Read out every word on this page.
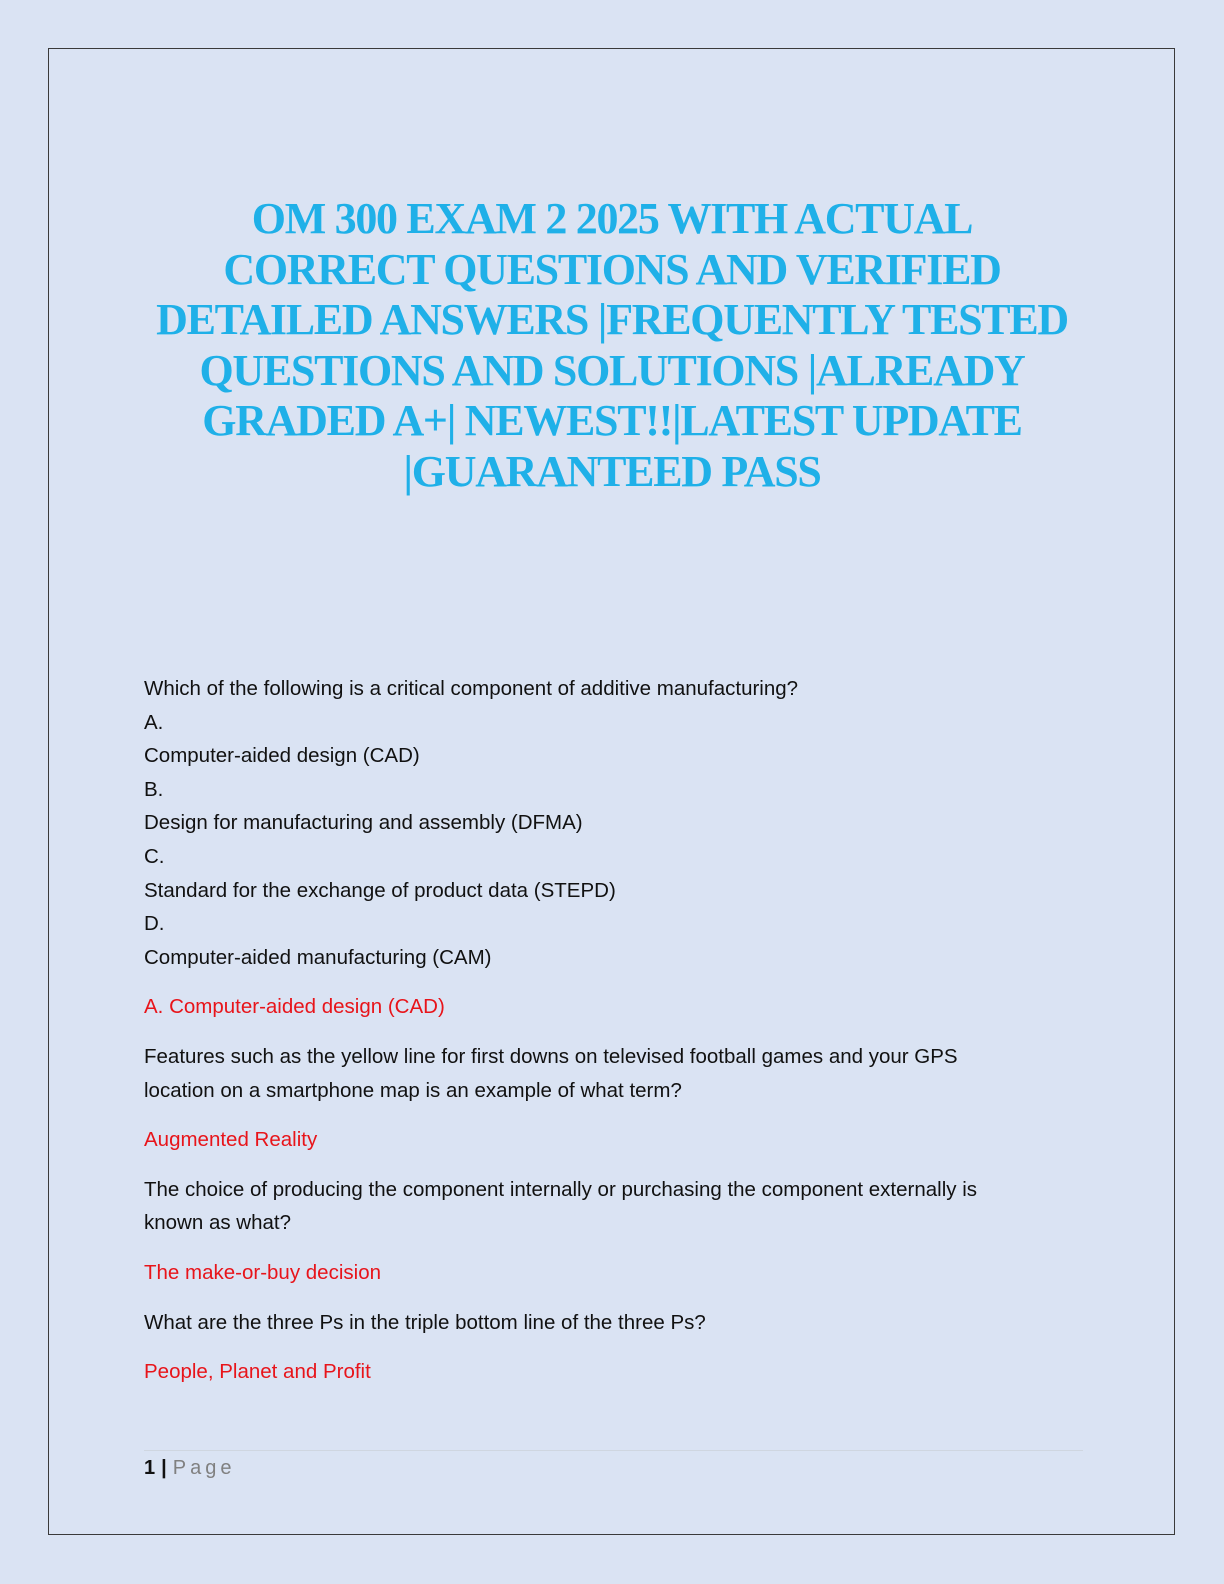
OM 300 EXAM 2 2025 WITH ACTUAL
CORRECT QUESTIONS AND VERIFIED
DETAILED ANSWERS |FREQUENTLY TESTED
QUESTIONS AND SOLUTIONS |ALREADY
GRADED A+| NEWEST!!|LATEST UPDATE
|GUARANTEED PASS

Which of the following is a critical component of additive manufacturing?

A.

Computer-aided design (CAD)

B.

Design for manufacturing and assembly (DFMA)

C.

Standard for the exchange of product data (STEPD)

D.

Computer-aided manufacturing (CAM)

A. Computer-aided design (CAD)

Features such as the yellow line for first downs on televised football games and your GPS
location on a smartphone map is an example of what term?

Augmented Reality

The choice of producing the component internally or purchasing the component externally is
known as what?

The make-or-buy decision

What are the three Ps in the triple bottom line of the three Ps?

People, Planet and Profit

1 | Page
